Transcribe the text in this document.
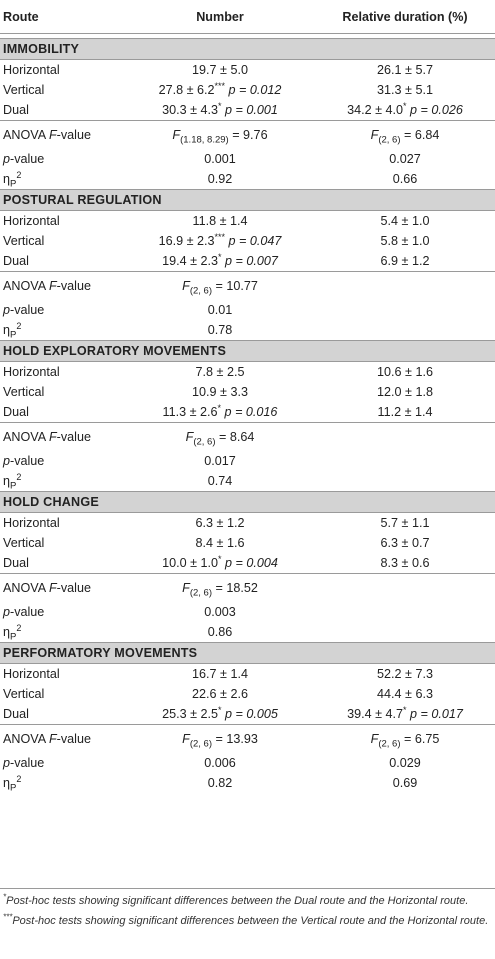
Route	Number	Relative duration (%)

IMMOBILITY		
Horizontal	19.7 ± 5.0	26.1 ± 5.7
Vertical	27.8 ± 6.2*** p = 0.012	31.3 ± 5.1
Dual	30.3 ± 4.3* p = 0.001	34.2 ± 4.0* p = 0.026
ANOVA F-value	$F_{(1.18, 8.29)} = 9.76$	$F_{(2, 6)} = 6.84$
p-value	0.001	0.027
$\eta_P^2$	0.92	0.66
POSTURAL REGULATION		
Horizontal	11.8 ± 1.4	5.4 ± 1.0
Vertical	16.9 ± 2.3*** p = 0.047	5.8 ± 1.0
Dual	19.4 ± 2.3* p = 0.007	6.9 ± 1.2
ANOVA F-value	$F_{(2, 6)} = 10.77$	
p-value	0.01	
$\eta_P^2$	0.78	
HOLD EXPLORATORY MOVEMENTS		
Horizontal	7.8 ± 2.5	10.6 ± 1.6
Vertical	10.9 ± 3.3	12.0 ± 1.8
Dual	11.3 ± 2.6* p = 0.016	11.2 ± 1.4
ANOVA F-value	$F_{(2, 6)} = 8.64$	
p-value	0.017	
$\eta_P^2$	0.74	
HOLD CHANGE		
Horizontal	6.3 ± 1.2	5.7 ± 1.1
Vertical	8.4 ± 1.6	6.3 ± 0.7
Dual	10.0 ± 1.0* p = 0.004	8.3 ± 0.6
ANOVA F-value	$F_{(2, 6)} = 18.52$	
p-value	0.003	
$\eta_P^2$	0.86	
PERFORMATORY MOVEMENTS		
Horizontal	16.7 ± 1.4	52.2 ± 7.3
Vertical	22.6 ± 2.6	44.4 ± 6.3
Dual	25.3 ± 2.5* p = 0.005	39.4 ± 4.7* p = 0.017
ANOVA F-value	$F_{(2, 6)} = 13.93$	$F_{(2, 6)} = 6.75$
p-value	0.006	0.029
$\eta_P^2$	0.82	0.69

*Post-hoc tests showing significant differences between the Dual route and the Horizontal route.

***Post-hoc tests showing significant differences between the Vertical route and the Horizontal route.
